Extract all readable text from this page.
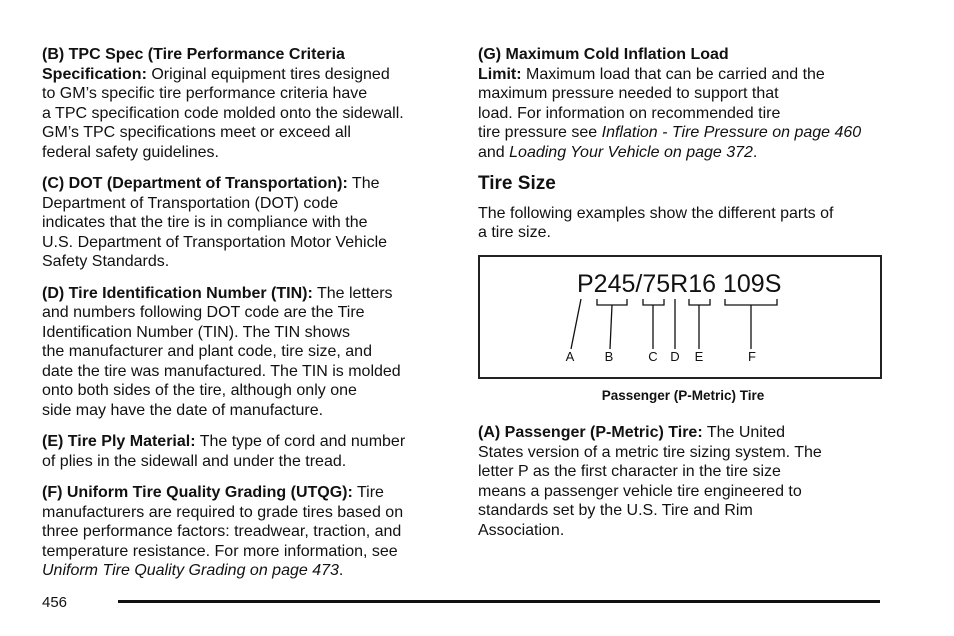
(B) TPC Spec (Tire Performance Criteria
Specification: Original equipment tires designed
to GM’s specific tire performance criteria have
a TPC specification code molded onto the sidewall.
GM’s TPC specifications meet or exceed all
federal safety guidelines.

(C) DOT (Department of Transportation): The
Department of Transportation (DOT) code
indicates that the tire is in compliance with the
U.S. Department of Transportation Motor Vehicle
Safety Standards.

(D) Tire Identification Number (TIN): The letters
and numbers following DOT code are the Tire
Identification Number (TIN). The TIN shows
the manufacturer and plant code, tire size, and
date the tire was manufactured. The TIN is molded
onto both sides of the tire, although only one
side may have the date of manufacture.

(E) Tire Ply Material: The type of cord and number
of plies in the sidewall and under the tread.

(F) Uniform Tire Quality Grading (UTQG): Tire
manufacturers are required to grade tires based on
three performance factors: treadwear, traction, and
temperature resistance. For more information, see
Uniform Tire Quality Grading on page 473.

(G) Maximum Cold Inflation Load
Limit: Maximum load that can be carried and the
maximum pressure needed to support that
load. For information on recommended tire
tire pressure see Inflation - Tire Pressure on page 460
and Loading Your Vehicle on page 372.

Tire Size

The following examples show the different parts of
a tire size.

P245/75R16 109S
A B	C D E	F
Passenger (P-Metric) Tire

(A) Passenger (P-Metric) Tire: The United
States version of a metric tire sizing system. The
letter P as the first character in the tire size
means a passenger vehicle tire engineered to
standards set by the U.S. Tire and Rim
Association.

456
